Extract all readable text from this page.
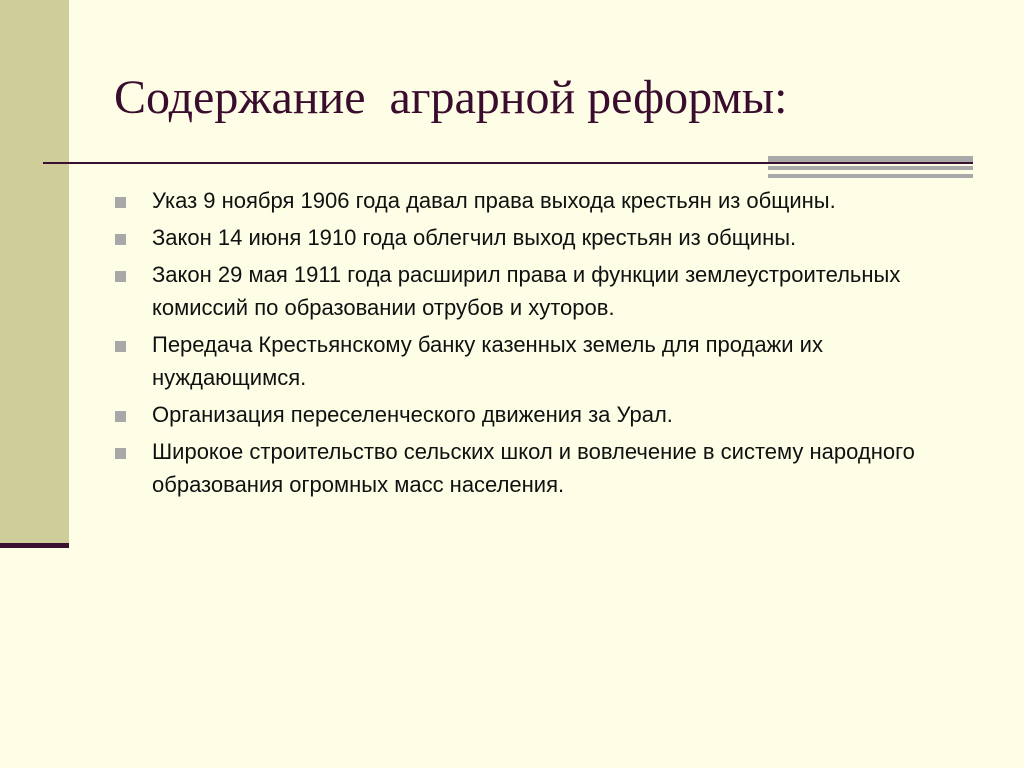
Содержание  аграрной реформы:
Указ 9 ноября 1906 года давал права выхода крестьян из общины.
Закон 14 июня 1910 года облегчил выход крестьян из общины.
Закон 29 мая 1911 года расширил права и функции землеустроительных комиссий по образовании отрубов и хуторов.
Передача Крестьянскому банку казенных земель для продажи их нуждающимся.
Организация переселенческого движения за Урал.
Широкое строительство сельских школ и вовлечение в систему народного образования огромных масс населения.
